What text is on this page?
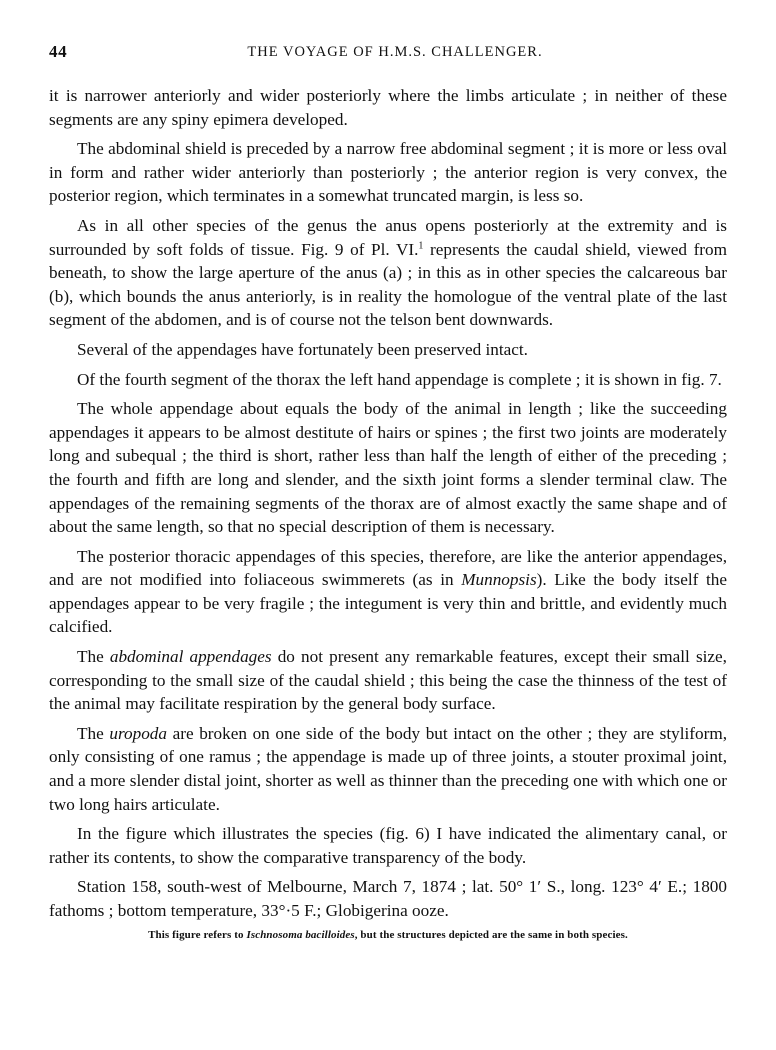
44	THE VOYAGE OF H.M.S. CHALLENGER.

it is narrower anteriorly and wider posteriorly where the limbs articulate ; in neither of these segments are any spiny epimera developed.

The abdominal shield is preceded by a narrow free abdominal segment ; it is more or less oval in form and rather wider anteriorly than posteriorly ; the anterior region is very convex, the posterior region, which terminates in a somewhat truncated margin, is less so.

As in all other species of the genus the anus opens posteriorly at the extremity and is surrounded by soft folds of tissue. Fig. 9 of Pl. VI.$^1$ represents the caudal shield, viewed from beneath, to show the large aperture of the anus (a) ; in this as in other species the calcareous bar (b), which bounds the anus anteriorly, is in reality the homologue of the ventral plate of the last segment of the abdomen, and is of course not the telson bent downwards.

Several of the appendages have fortunately been preserved intact.

Of the fourth segment of the thorax the left hand appendage is complete ; it is shown in fig. 7.

The whole appendage about equals the body of the animal in length ; like the succeeding appendages it appears to be almost destitute of hairs or spines ; the first two joints are moderately long and subequal ; the third is short, rather less than half the length of either of the preceding ; the fourth and fifth are long and slender, and the sixth joint forms a slender terminal claw. The appendages of the remaining segments of the thorax are of almost exactly the same shape and of about the same length, so that no special description of them is necessary.

The posterior thoracic appendages of this species, therefore, are like the anterior appendages, and are not modified into foliaceous swimmerets (as in Munnopsis). Like the body itself the appendages appear to be very fragile ; the integument is very thin and brittle, and evidently much calcified.

The abdominal appendages do not present any remarkable features, except their small size, corresponding to the small size of the caudal shield ; this being the case the thinness of the test of the animal may facilitate respiration by the general body surface.

The uropoda are broken on one side of the body but intact on the other ; they are styliform, only consisting of one ramus ; the appendage is made up of three joints, a stouter proximal joint, and a more slender distal joint, shorter as well as thinner than the preceding one with which one or two long hairs articulate.

In the figure which illustrates the species (fig. 6) I have indicated the alimentary canal, or rather its contents, to show the comparative transparency of the body.

Station 158, south-west of Melbourne, March 7, 1874 ; lat. 50° 1′ S., long. 123° 4′ E.; 1800 fathoms ; bottom temperature, 33°·5 F.; Globigerina ooze.

This figure refers to Ischnosoma bacilloides, but the structures depicted are the same in both species.
